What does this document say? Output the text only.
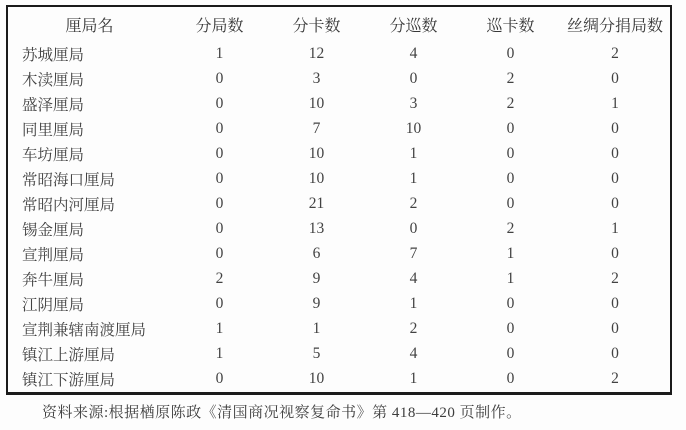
厘局名	分局数	分卡数	分巡数	巡卡数	丝绸分捐局数
苏城厘局	1	12	4	0	2
木渎厘局	0	3	0	2	0
盛泽厘局	0	10	3	2	1
同里厘局	0	7	10	0	0
车坊厘局	0	10	1	0	0
常昭海口厘局	0	10	1	0	0
常昭内河厘局	0	21	2	0	0
锡金厘局	0	13	0	2	1
宣荆厘局	0	6	7	1	0
奔牛厘局	2	9	4	1	2
江阴厘局	0	9	1	0	0
宣荆兼辖南渡厘局	1	1	2	0	0
镇江上游厘局	1	5	4	0	0
镇江下游厘局	0	10	1	0	2
资料来源:根据楢原陈政《清国商况视察复命书》第 418—420 页制作。
